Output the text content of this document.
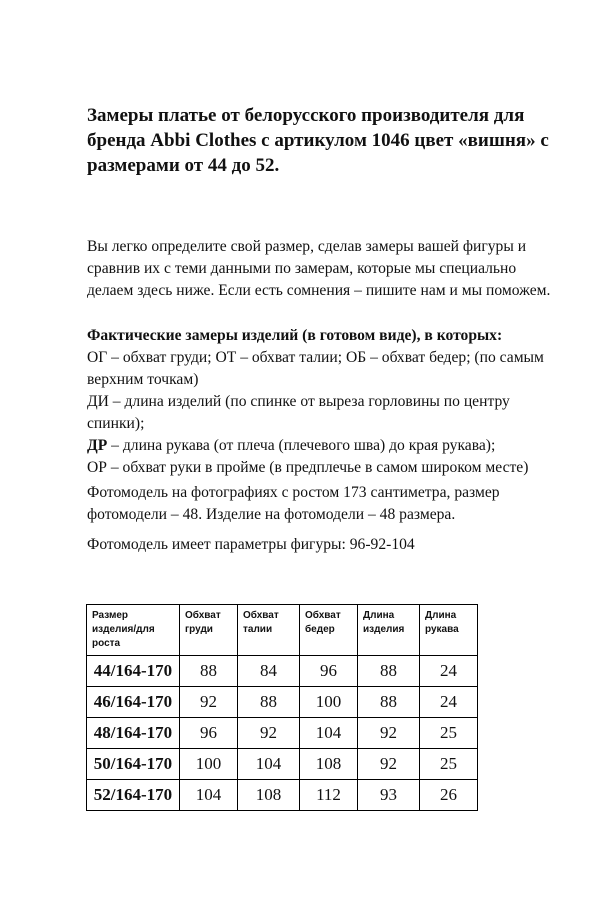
Замеры платье от белорусского производителя для бренда Abbi Clothes с артикулом 1046 цвет «вишня» с размерами от 44 до 52.

Вы легко определите свой размер, сделав замеры вашей фигуры и сравнив их с теми данными по замерам, которые мы специально делаем здесь ниже. Если есть сомнения – пишите нам и мы поможем.

Фактические замеры изделий (в готовом виде), в которых:
ОГ – обхват груди; ОТ – обхват талии; ОБ – обхват бедер; (по самым верхним точкам)
ДИ – длина изделий (по спинке от выреза горловины по центру спинки);
ДР – длина рукава (от плеча (плечевого шва) до края рукава);
ОР – обхват руки в пройме (в предплечье в самом широком месте)

Фотомодель на фотографиях с ростом 173 сантиметра, размер фотомодели – 48. Изделие на фотомодели – 48 размера.

Фотомодель имеет параметры фигуры: 96-92-104

Размер изделия/для роста	Обхват груди	Обхват талии	Обхват бедер	Длина изделия	Длина рукава
44/164-170	88	84	96	88	24
46/164-170	92	88	100	88	24
48/164-170	96	92	104	92	25
50/164-170	100	104	108	92	25
52/164-170	104	108	112	93	26
